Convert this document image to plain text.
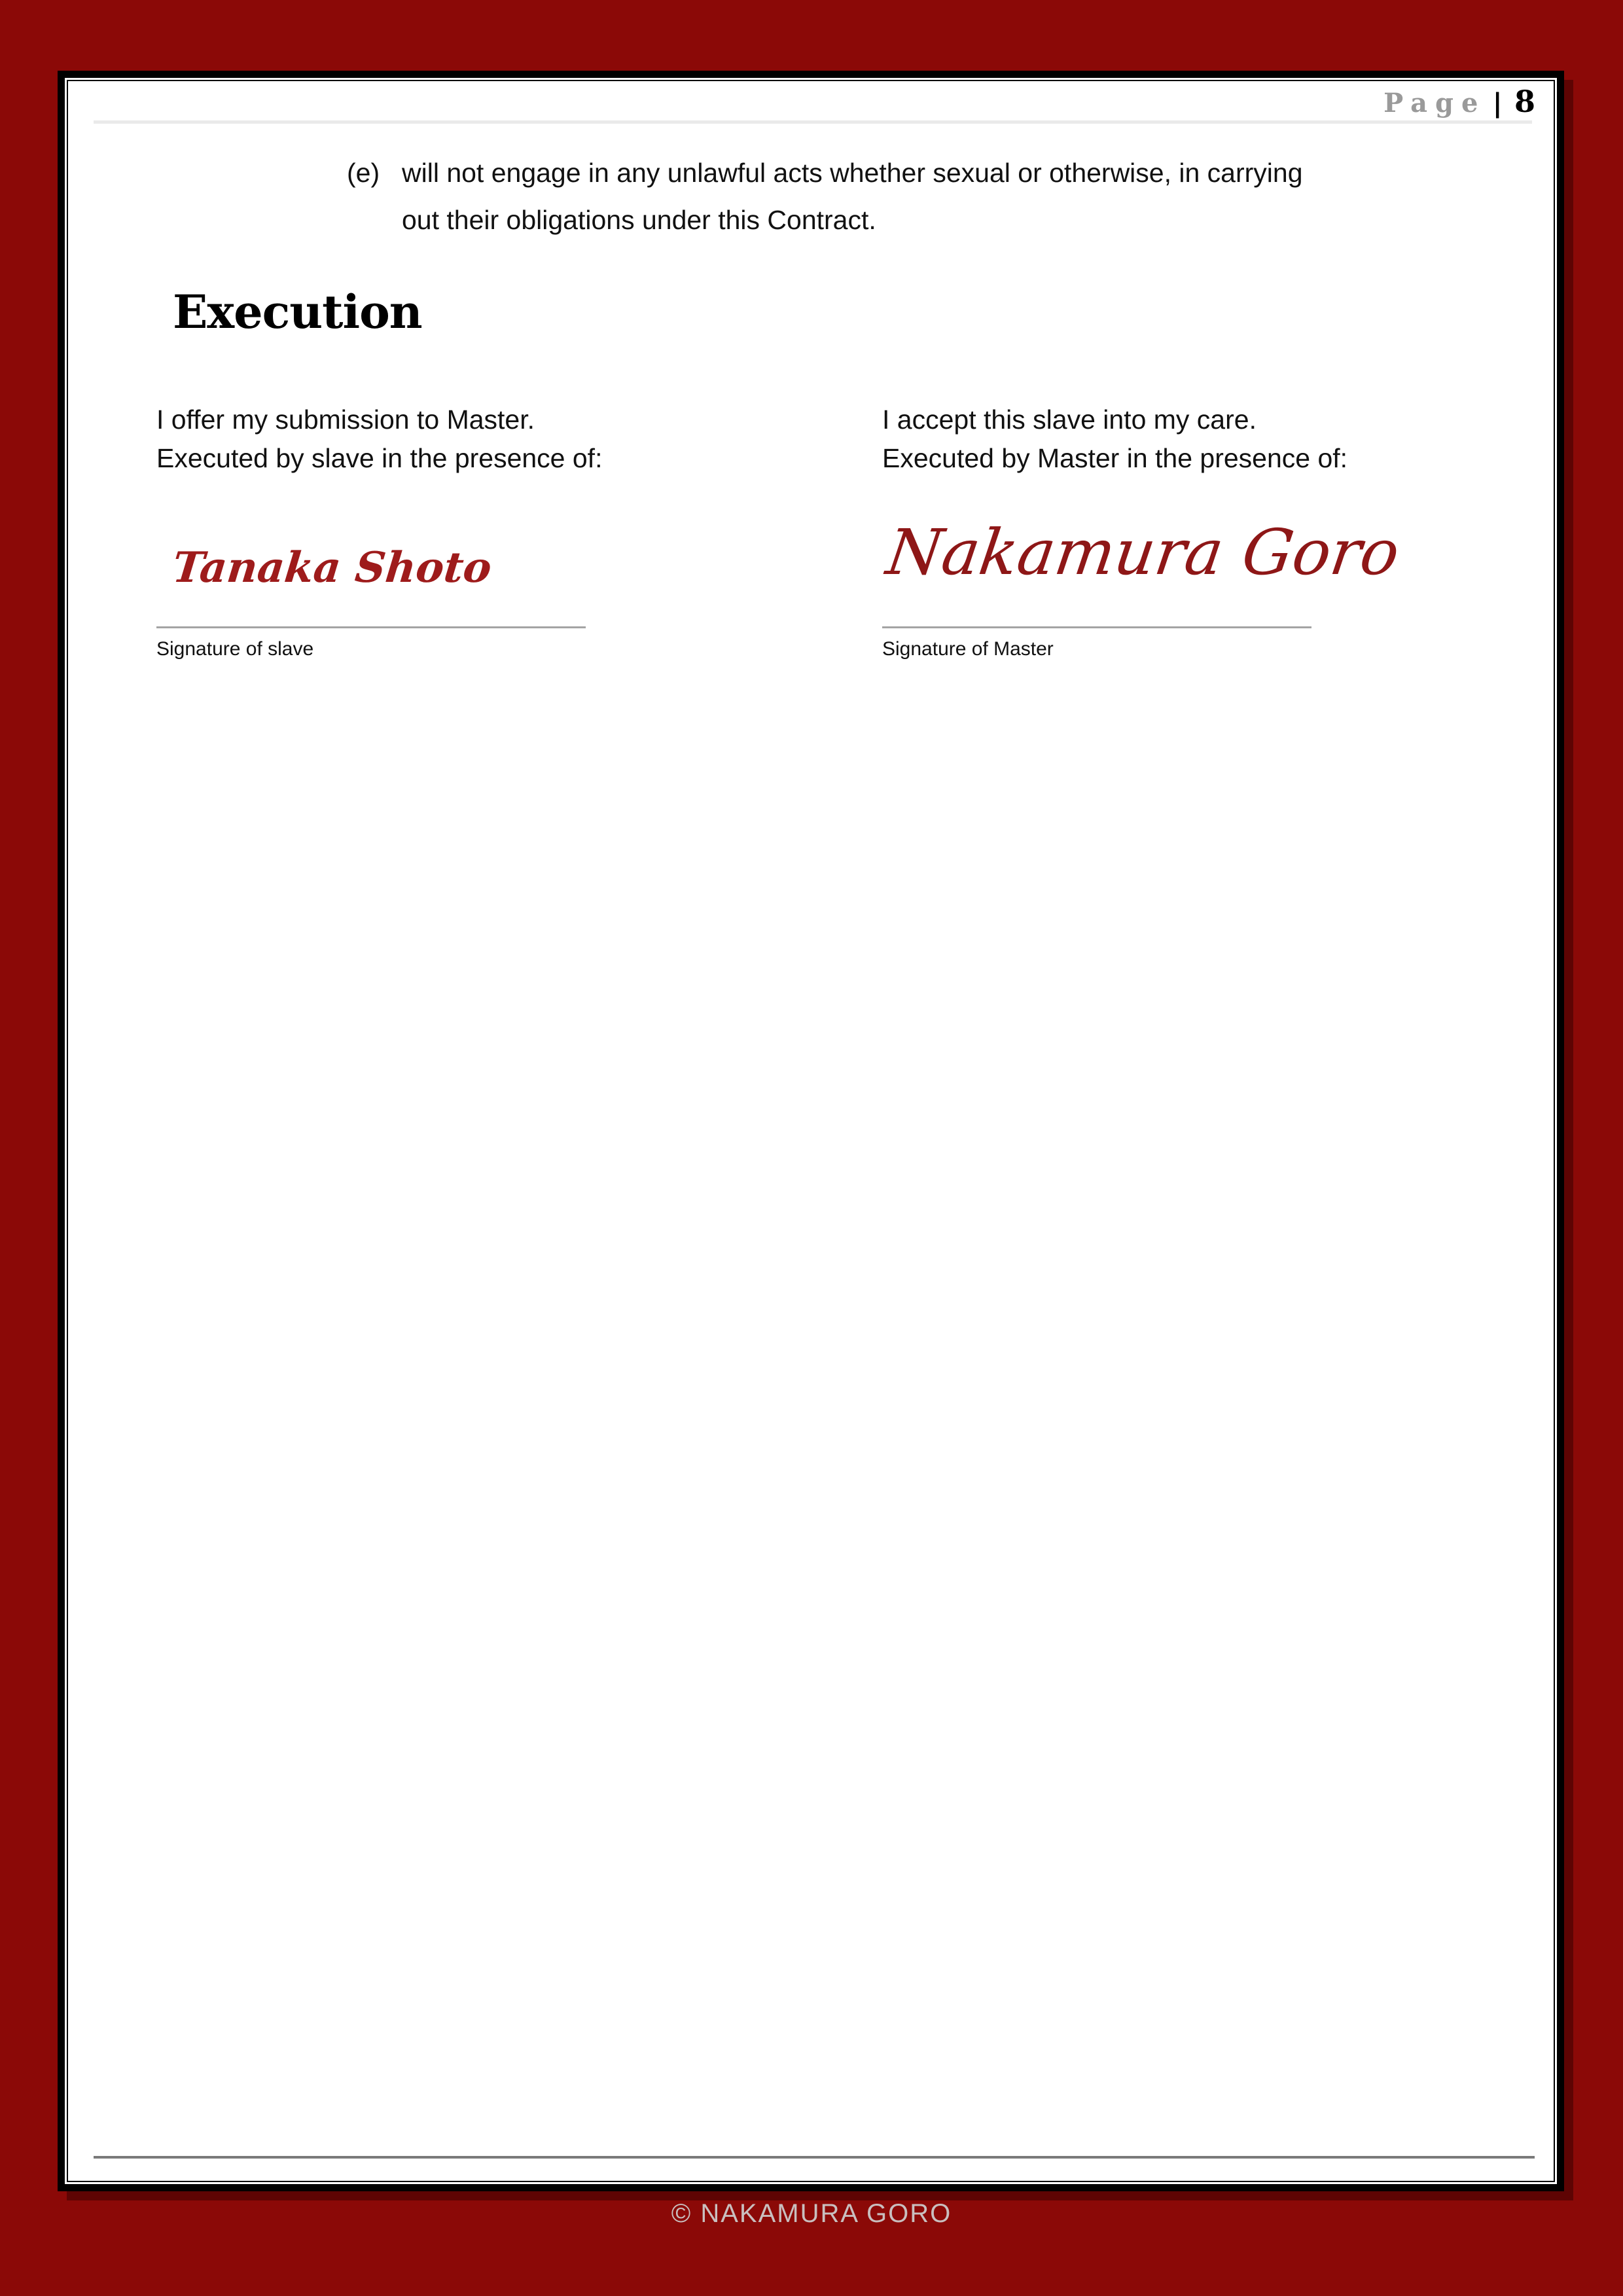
Page | 8
(e) will not engage in any unlawful acts whether sexual or otherwise, in carrying
out their obligations under this Contract.
Execution
I offer my submission to Master.
Executed by slave in the presence of:
I accept this slave into my care.
Executed by Master in the presence of:
Tanaka Shoto	Nakamura Goro
Signature of slave	Signature of Master
© NAKAMURA GORO
